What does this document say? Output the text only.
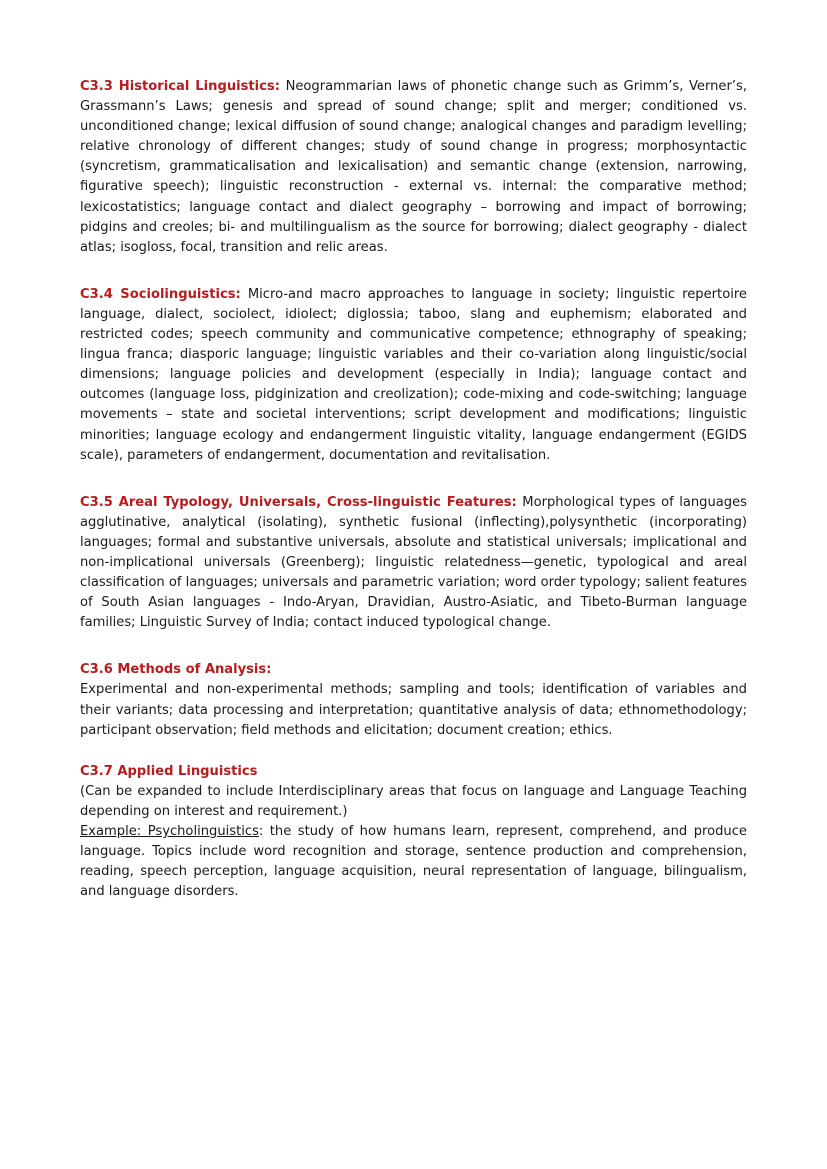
C3.3 Historical Linguistics: Neogrammarian laws of phonetic change such as Grimm’s, Verner’s, Grassmann’s Laws; genesis and spread of sound change; split and merger; conditioned vs. unconditioned change; lexical diffusion of sound change; analogical changes and paradigm levelling; relative chronology of different changes; study of sound change in progress; morphosyntactic (syncretism, grammaticalisation and lexicalisation) and semantic change (extension, narrowing, figurative speech); linguistic reconstruction - external vs. internal: the comparative method; lexicostatistics; language contact and dialect geography – borrowing and impact of borrowing; pidgins and creoles; bi- and multilingualism as the source for borrowing; dialect geography - dialect atlas; isogloss, focal, transition and relic areas.

C3.4 Sociolinguistics: Micro-and macro approaches to language in society; linguistic repertoire language, dialect, sociolect, idiolect; diglossia; taboo, slang and euphemism; elaborated and restricted codes; speech community and communicative competence; ethnography of speaking; lingua franca; diasporic language; linguistic variables and their co-variation along linguistic/social dimensions; language policies and development (especially in India); language contact and outcomes (language loss, pidginization and creolization); code-mixing and code-switching; language movements – state and societal interventions; script development and modifications; linguistic minorities; language ecology and endangerment linguistic vitality, language endangerment (EGIDS scale), parameters of endangerment, documentation and revitalisation.

C3.5 Areal Typology, Universals, Cross-linguistic Features: Morphological types of languages agglutinative, analytical (isolating), synthetic fusional (inflecting),polysynthetic (incorporating) languages; formal and substantive universals, absolute and statistical universals; implicational and non-implicational universals (Greenberg); linguistic relatedness—genetic, typological and areal classification of languages; universals and parametric variation; word order typology; salient features of South Asian languages - Indo-Aryan, Dravidian, Austro-Asiatic, and Tibeto-Burman language families; Linguistic Survey of India; contact induced typological change.

C3.6 Methods of Analysis:
Experimental and non-experimental methods; sampling and tools; identification of variables and their variants; data processing and interpretation; quantitative analysis of data; ethnomethodology; participant observation; field methods and elicitation; document creation; ethics.
C3.7 Applied Linguistics
(Can be expanded to include Interdisciplinary areas that focus on language and Language Teaching depending on interest and requirement.)
Example: Psycholinguistics: the study of how humans learn, represent, comprehend, and produce language. Topics include word recognition and storage, sentence production and comprehension, reading, speech perception, language acquisition, neural representation of language, bilingualism, and language disorders.
